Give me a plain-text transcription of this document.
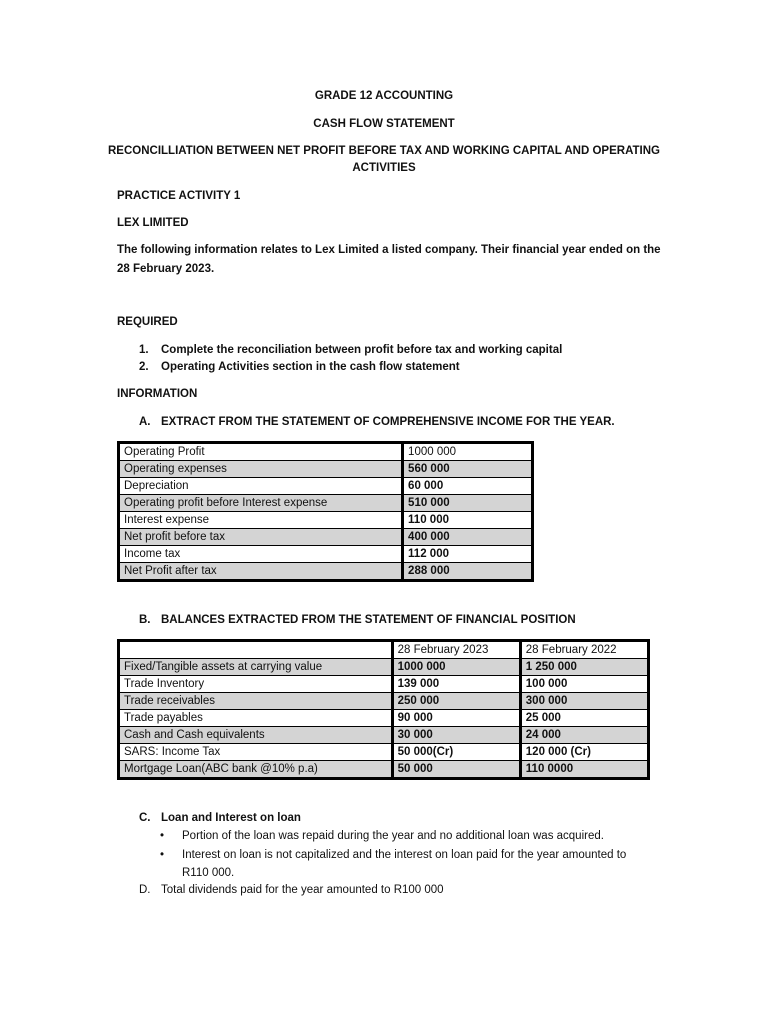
GRADE 12 ACCOUNTING
CASH FLOW STATEMENT
RECONCILLIATION BETWEEN NET PROFIT BEFORE TAX AND WORKING CAPITAL AND OPERATING
ACTIVITIES
PRACTICE ACTIVITY 1
LEX LIMITED
The following information relates to Lex Limited a listed company. Their financial year ended on the
28 February 2023.
REQUIRED
1. Complete the reconciliation between profit before tax and working capital
2. Operating Activities section in the cash flow statement
INFORMATION
A. EXTRACT FROM THE STATEMENT OF COMPREHENSIVE INCOME FOR THE YEAR.
Operating Profit	1000 000
Operating expenses	560 000
Depreciation	60 000
Operating profit before Interest expense	510 000
Interest expense	110 000
Net profit before tax	400 000
Income tax	112 000
Net Profit after tax	288 000
B. BALANCES EXTRACTED FROM THE STATEMENT OF FINANCIAL POSITION
	28 February 2023	28 February 2022
Fixed/Tangible assets at carrying value	1000 000	1 250 000
Trade Inventory	139 000	100 000
Trade receivables	250 000	300 000
Trade payables	90 000	25 000
Cash and Cash equivalents	30 000	24 000
SARS: Income Tax	50 000(Cr)	120 000 (Cr)
Mortgage Loan(ABC bank @10% p.a)	50 000	110 0000
C. Loan and Interest on loan
• Portion of the loan was repaid during the year and no additional loan was acquired.
• Interest on loan is not capitalized and the interest on loan paid for the year amounted to
R110 000.
D. Total dividends paid for the year amounted to R100 000
